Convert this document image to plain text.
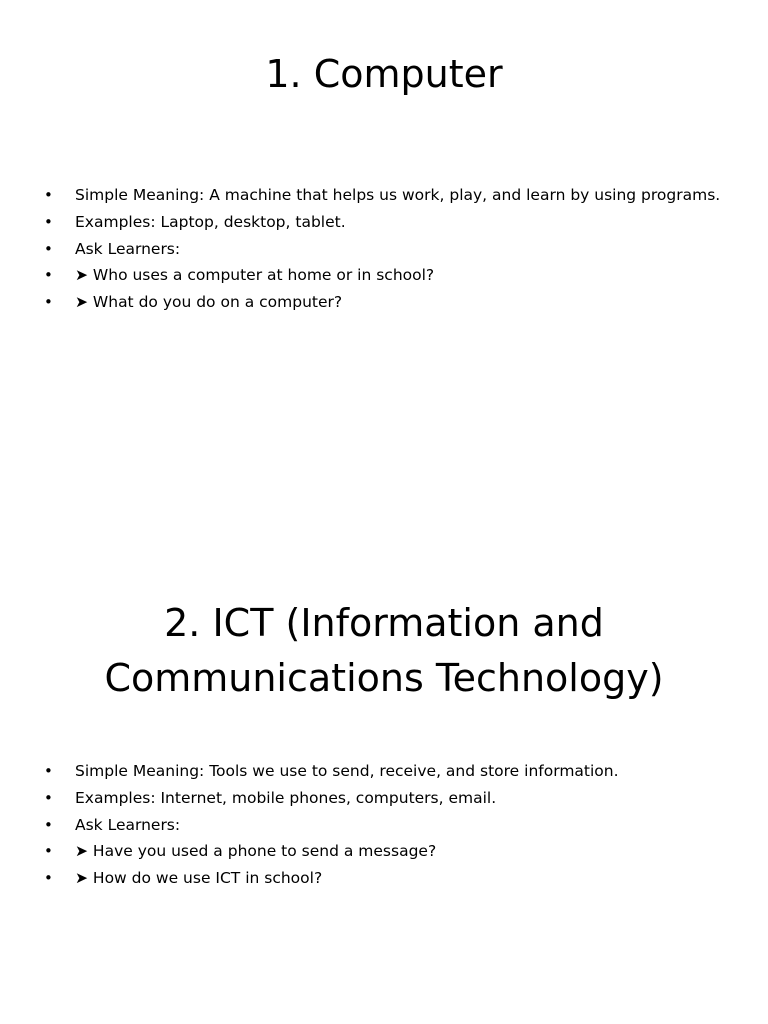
1. Computer
• Simple Meaning: A machine that helps us work, play, and learn by using programs.
• Examples: Laptop, desktop, tablet.
• Ask Learners:
• ➤ Who uses a computer at home or in school?
• ➤ What do you do on a computer?
2. ICT (Information and Communications Technology)
• Simple Meaning: Tools we use to send, receive, and store information.
• Examples: Internet, mobile phones, computers, email.
• Ask Learners:
• ➤ Have you used a phone to send a message?
• ➤ How do we use ICT in school?
